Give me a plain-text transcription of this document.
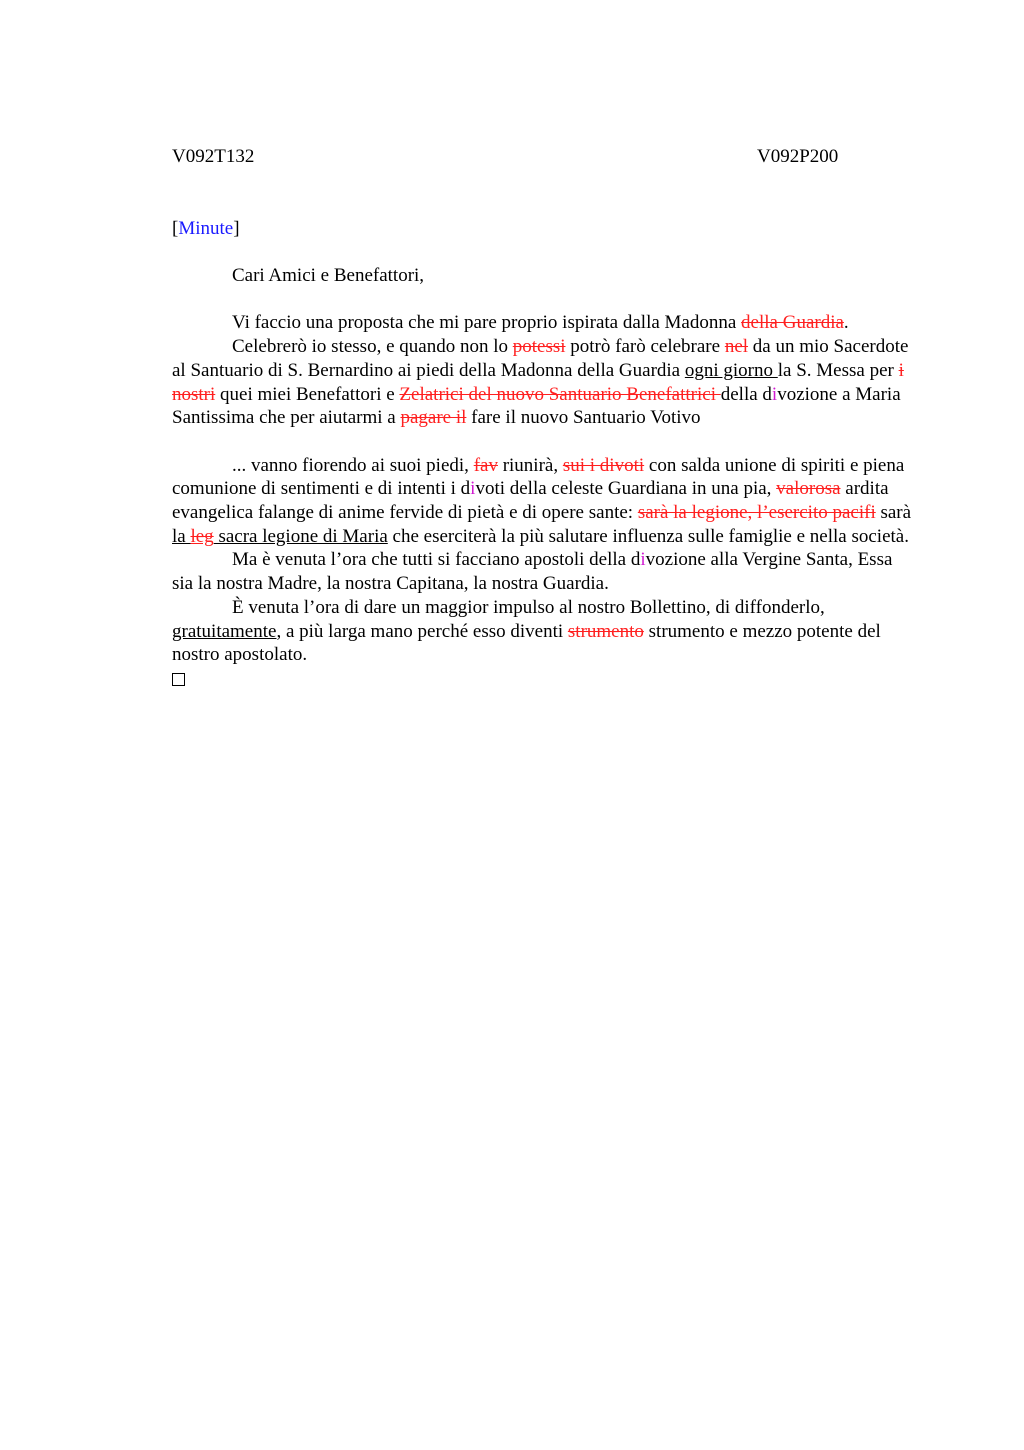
V092T132	V092P200
[Minute]

Cari Amici e Benefattori,

Vi faccio una proposta che mi pare proprio ispirata dalla Madonna della Guardia.

Celebrerò io stesso, e quando non lo potessi potrò farò celebrare nel da un mio Sacerdote al Santuario di S. Bernardino ai piedi della Madonna della Guardia ogni giorno la S. Messa per i nostri quei miei Benefattori e Zelatrici del nuovo Santuario Benefattrici della divozione a Maria Santissima che per aiutarmi a pagare il fare il nuovo Santuario Votivo

... vanno fiorendo ai suoi piedi, fav riunirà, sui i divoti con salda unione di spiriti e piena comunione di sentimenti e di intenti i divoti della celeste Guardiana in una pia, valorosa ardita evangelica falange di anime fervide di pietà e di opere sante: sarà la legione, l’esercito pacifi sarà la leg sacra legione di Maria che eserciterà la più salutare influenza sulle famiglie e nella società.

Ma è venuta l’ora che tutti si facciano apostoli della divozione alla Vergine Santa, Essa sia la nostra Madre, la nostra Capitana, la nostra Guardia.

È venuta l’ora di dare un maggior impulso al nostro Bollettino, di diffonderlo, gratuitamente, a più larga mano perché esso diventi strumento strumento e mezzo potente del nostro apostolato.
